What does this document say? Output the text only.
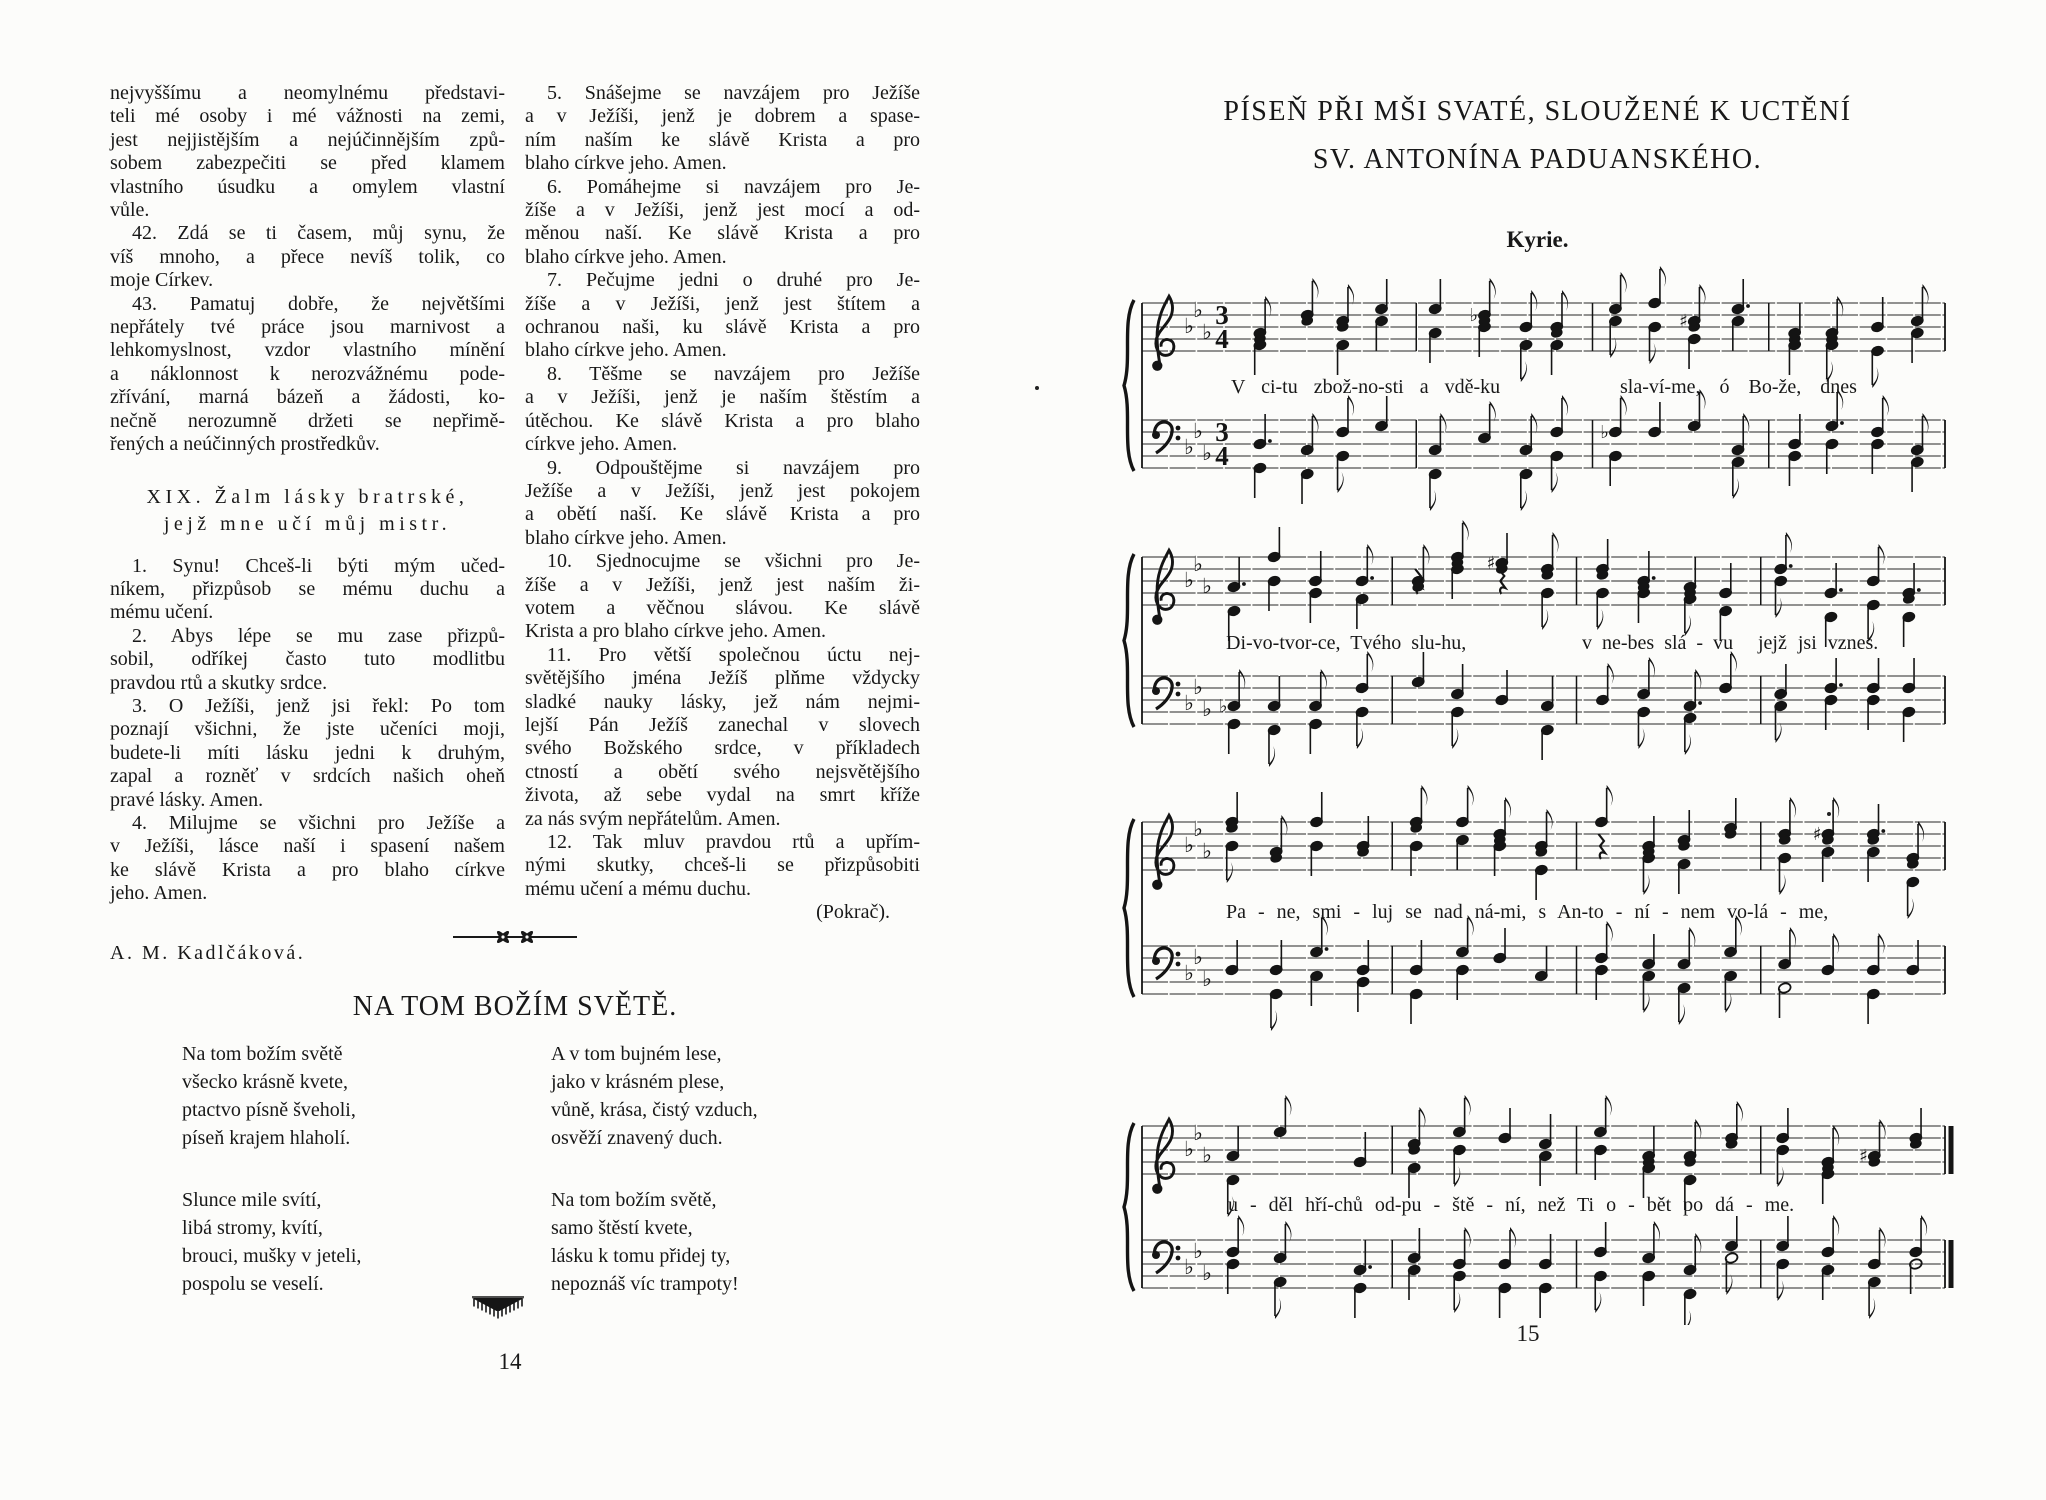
nejvyššímu a neomylnému představi-
teli mé osoby i mé vážnosti na zemi,
jest nejjistějším a nejúčinnějším způ-
sobem zabezpečiti se před klamem
vlastního úsudku a omylem vlastní
vůle.
42. Zdá se ti časem, můj synu, že
víš mnoho, a přece nevíš tolik, co
moje Církev.
43. Pamatuj dobře, že největšími
nepřátely tvé práce jsou marnivost a
lehkomyslnost, vzdor vlastního mínění
a náklonnost k nerozvážnému pode-
zřívání, marná bázeň a žádosti, ko-
nečně nerozumně držeti se nepřimě-
řených a neúčinných prostředkův.
XIX. Žalm lásky bratrské,
jejž mne učí můj mistr.
1. Synu! Chceš-li býti mým učed-
níkem, přizpůsob se mému duchu a
mému učení.
2. Abys lépe se mu zase přizpů-
sobil, odříkej často tuto modlitbu
pravdou rtů a skutky srdce.
3. O Ježíši, jenž jsi řekl: Po tom
poznají všichni, že jste učeníci moji,
budete-li míti lásku jedni k druhým,
zapal a rozněť v srdcích našich oheň
pravé lásky. Amen.
4. Milujme se všichni pro Ježíše a
v Ježíši, lásce naší i spasení našem
ke slávě Krista a pro blaho církve
jeho. Amen.
A. M. Kadlčáková.
5. Snášejme se navzájem pro Ježíše
a v Ježíši, jenž je dobrem a spase-
ním naším ke slávě Krista a pro
blaho církve jeho. Amen.
6. Pomáhejme si navzájem pro Je-
žíše a v Ježíši, jenž jest mocí a od-
měnou naší. Ke slávě Krista a pro
blaho církve jeho. Amen.
7. Pečujme jedni o druhé pro Je-
žíše a v Ježíši, jenž jest štítem a
ochranou naši, ku slávě Krista a pro
blaho církve jeho. Amen.
8. Těšme se navzájem pro Ježíše
a v Ježíši, jenž je naším štěstím a
útěchou. Ke slávě Krista a pro blaho
církve jeho. Amen.
9. Odpouštějme si navzájem pro
Ježíše a v Ježíši, jenž jest pokojem
a obětí naší. Ke slávě Krista a pro
blaho církve jeho. Amen.
10. Sjednocujme se všichni pro Je-
žíše a v Ježíši, jenž jest naším ži-
votem a věčnou slávou. Ke slávě
Krista a pro blaho církve jeho. Amen.
11. Pro větší společnou úctu nej-
světějšího jména Ježíš plňme vždycky
sladké nauky lásky, jež nám nejmi-
lejší Pán Ježíš zanechal v slovech
svého Božského srdce, v příkladech
ctností a obětí svého nejsvětějšího
života, až sebe vydal na smrt kříže
za nás svým nepřátelům. Amen.
12. Tak mluv pravdou rtů a upřím-
nými skutky, chceš-li se přizpůsobiti
mému učení a mému duchu.
(Pokrač).
NA TOM BOŽÍM SVĚTĚ.
Na tom božím světě
všecko krásně kvete,
ptactvo písně šveholi,
píseň krajem hlaholí.
Slunce mile svítí,
libá stromy, kvítí,
brouci, mušky v jeteli,
pospolu se veselí.
A v tom bujném lese,
jako v krásném plese,
vůně, krása, čistý vzduch,
osvěží znavený duch.
Na tom božím světě,
samo štěstí kvete,
lásku k tomu přidej ty,
nepoznáš víc trampoty!
14
PÍSEŇ PŘI MŠI SVATÉ, SLOUŽENÉ K UCTĚNÍ
SV. ANTONÍNA PADUANSKÉHO.
Kyrie.
♭
♭
♭
♭
♭
♭
3
4
3
4
♭
♭
♯
♭
♭
♭
♭
♭
♭ ♭
♯
♭
♭
♭
♭
♭
♭
♯
♭
♭
♭
♭
♭
♭
♯
V ci-tu zbož-no-sti a vdě-ku	sla-ví-me, ó Bo-že, dnes
Di-vo-tvor-ce, Tvého slu-hu,	v ne-bes slá - vu jejž jsi vznes.
Pa - ne, smi - luj se nad ná-mi, s An-to - ní - nem vo-lá - me,
u - děl hří-chů od-pu - ště - ní, než Ti o - bět po dá - me.
15
